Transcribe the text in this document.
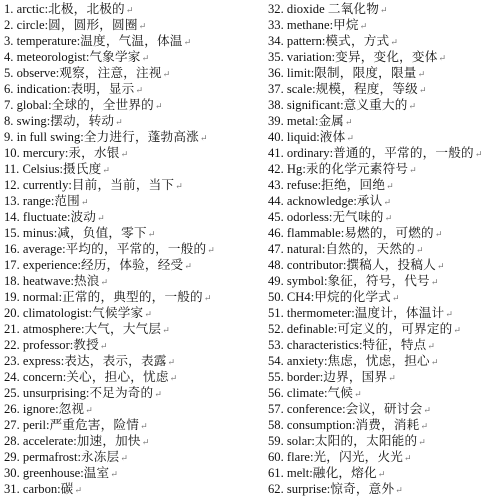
1. arctic:北极，北极的↵
2. circle:圆，圆形，圆圈↵
3. temperature:温度，气温，体温↵
4. meteorologist:气象学家↵
5. observe:观察，注意，注视↵
6. indication:表明，显示↵
7. global:全球的，全世界的↵
8. swing:摆动，转动↵
9. in full swing:全力进行，蓬勃高涨↵
10. mercury:汞，水银↵
11. Celsius:摄氏度↵
12. currently:目前，当前，当下↵
13. range:范围↵
14. fluctuate:波动↵
15. minus:减，负值，零下↵
16. average:平均的，平常的，一般的↵
17. experience:经历，体验，经受↵
18. heatwave:热浪↵
19. normal:正常的，典型的，一般的↵
20. climatologist:气候学家↵
21. atmosphere:大气，大气层↵
22. professor:教授↵
23. express:表达，表示，表露↵
24. concern:关心，担心，忧虑↵
25. unsurprising:不足为奇的↵
26. ignore:忽视↵
27. peril:严重危害，险情↵
28. accelerate:加速，加快↵
29. permafrost:永冻层↵
30. greenhouse:温室↵
31. carbon:碳↵
32. dioxide 二氧化物↵
33. methane:甲烷↵
34. pattern:模式，方式↵
35. variation:变异，变化，变体↵
36. limit:限制，限度，限量↵
37. scale:规模，程度，等级↵
38. significant:意义重大的↵
39. metal:金属↵
40. liquid:液体↵
41. ordinary:普通的，平常的，一般的↵
42. Hg:汞的化学元素符号↵
43. refuse:拒绝，回绝↵
44. acknowledge:承认↵
45. odorless:无气味的↵
46. flammable:易燃的，可燃的↵
47. natural:自然的，天然的↵
48. contributor:撰稿人，投稿人↵
49. symbol:象征，符号，代号↵
50. CH4:甲烷的化学式↵
51. thermometer:温度计，体温计↵
52. definable:可定义的，可界定的↵
53. characteristics:特征，特点↵
54. anxiety:焦虑，忧虑，担心↵
55. border:边界，国界↵
56. climate:气候↵
57. conference:会议，研讨会↵
58. consumption:消费，消耗↵
59. solar:太阳的，太阳能的↵
60. flare:光，闪光，火光↵
61. melt:融化，熔化↵
62. surprise:惊奇，意外↵
